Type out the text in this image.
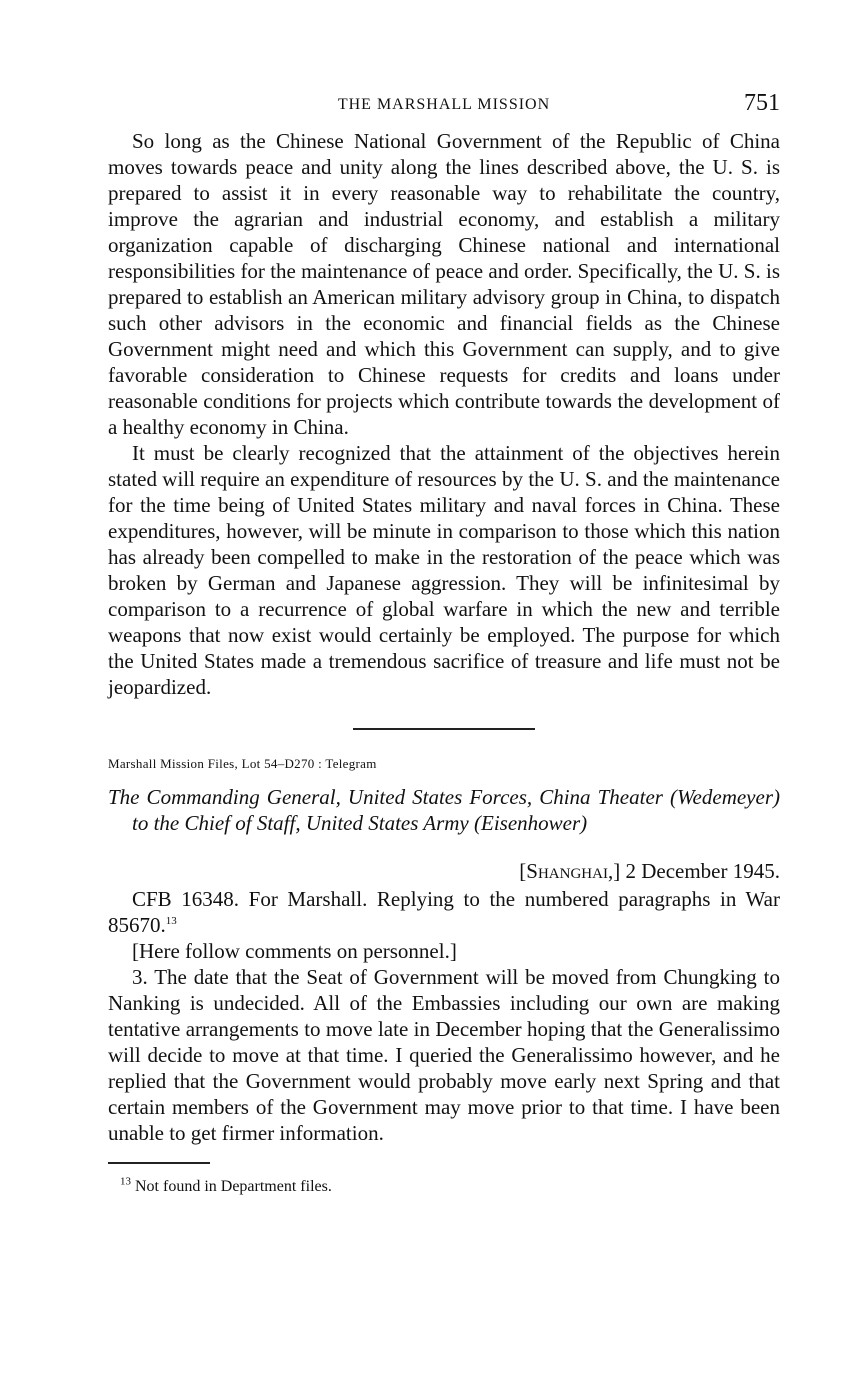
THE MARSHALL MISSION	751

So long as the Chinese National Government of the Republic of China moves towards peace and unity along the lines described above, the U. S. is prepared to assist it in every reasonable way to rehabilitate the country, improve the agrarian and industrial economy, and establish a military organization capable of discharging Chinese national and international responsibilities for the maintenance of peace and order. Specifically, the U. S. is prepared to establish an American military advisory group in China, to dispatch such other advisors in the economic and financial fields as the Chinese Government might need and which this Government can supply, and to give favorable consideration to Chinese requests for credits and loans under reasonable conditions for projects which contribute towards the development of a healthy economy in China.

It must be clearly recognized that the attainment of the objectives herein stated will require an expenditure of resources by the U. S. and the maintenance for the time being of United States military and naval forces in China. These expenditures, however, will be minute in comparison to those which this nation has already been compelled to make in the restoration of the peace which was broken by German and Japanese aggression. They will be infinitesimal by comparison to a recurrence of global warfare in which the new and terrible weapons that now exist would certainly be employed. The purpose for which the United States made a tremendous sacrifice of treasure and life must not be jeopardized.

Marshall Mission Files, Lot 54–D270 : Telegram

The Commanding General, United States Forces, China Theater (Wedemeyer) to the Chief of Staff, United States Army (Eisenhower)

[Shanghai,] 2 December 1945.

CFB 16348. For Marshall. Replying to the numbered paragraphs in War 85670.13

[Here follow comments on personnel.]

3. The date that the Seat of Government will be moved from Chungking to Nanking is undecided. All of the Embassies including our own are making tentative arrangements to move late in December hoping that the Generalissimo will decide to move at that time. I queried the Generalissimo however, and he replied that the Government would probably move early next Spring and that certain members of the Government may move prior to that time. I have been unable to get firmer information.

$^{13}$ Not found in Department files.
